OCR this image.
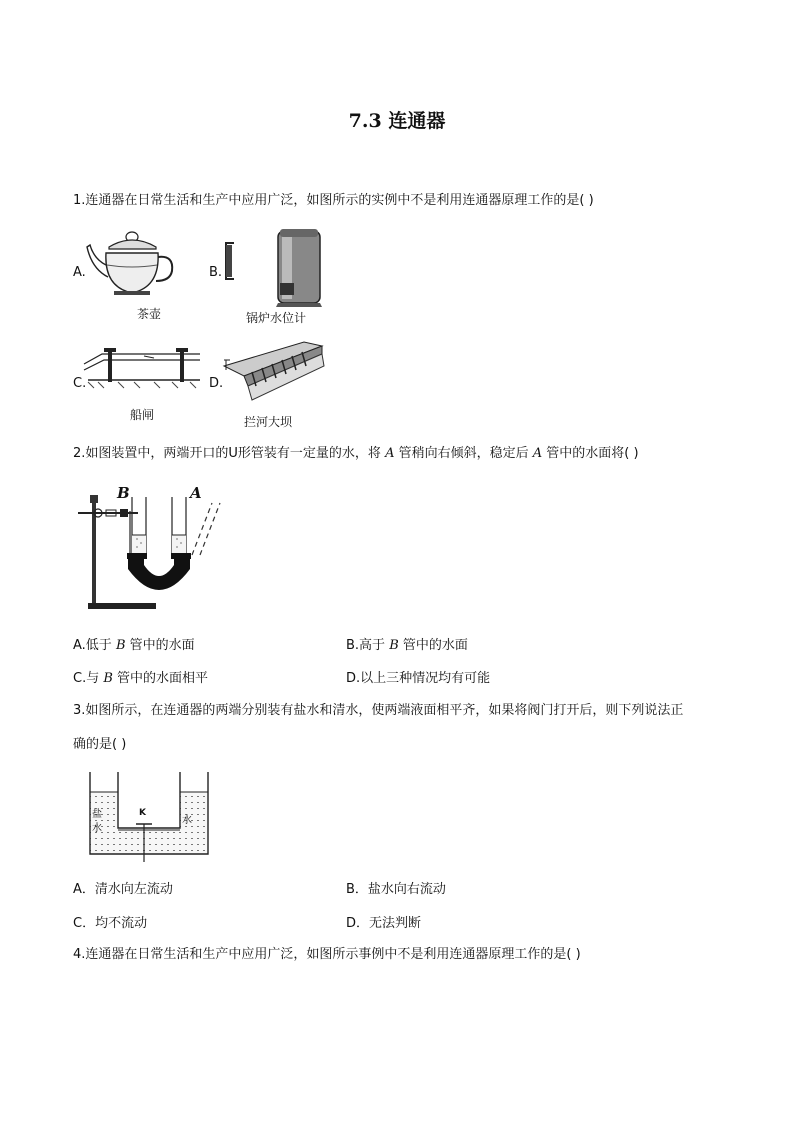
7.3 连通器
1.连通器在日常生活和生产中应用广泛，如图所示的实例中不是利用连通器原理工作的是( )
A.
茶壶
B.
锅炉水位计
C.
船闸
D.
拦河大坝
2.如图装置中，两端开口的U形管装有一定量的水，将 A 管稍向右倾斜，稳定后 A 管中的水面将( )
B	A
A.低于 B 管中的水面	B.高于 B 管中的水面
C.与 B 管中的水面相平	D.以上三种情况均有可能
3.如图所示，在连通器的两端分别装有盐水和清水，使两端液面相平齐，如果将阀门打开后，则下列说法正
确的是( )
K
盐
水
水
A．清水向左流动	B．盐水向右流动
C．均不流动	D．无法判断
4.连通器在日常生活和生产中应用广泛，如图所示事例中不是利用连通器原理工作的是( )
